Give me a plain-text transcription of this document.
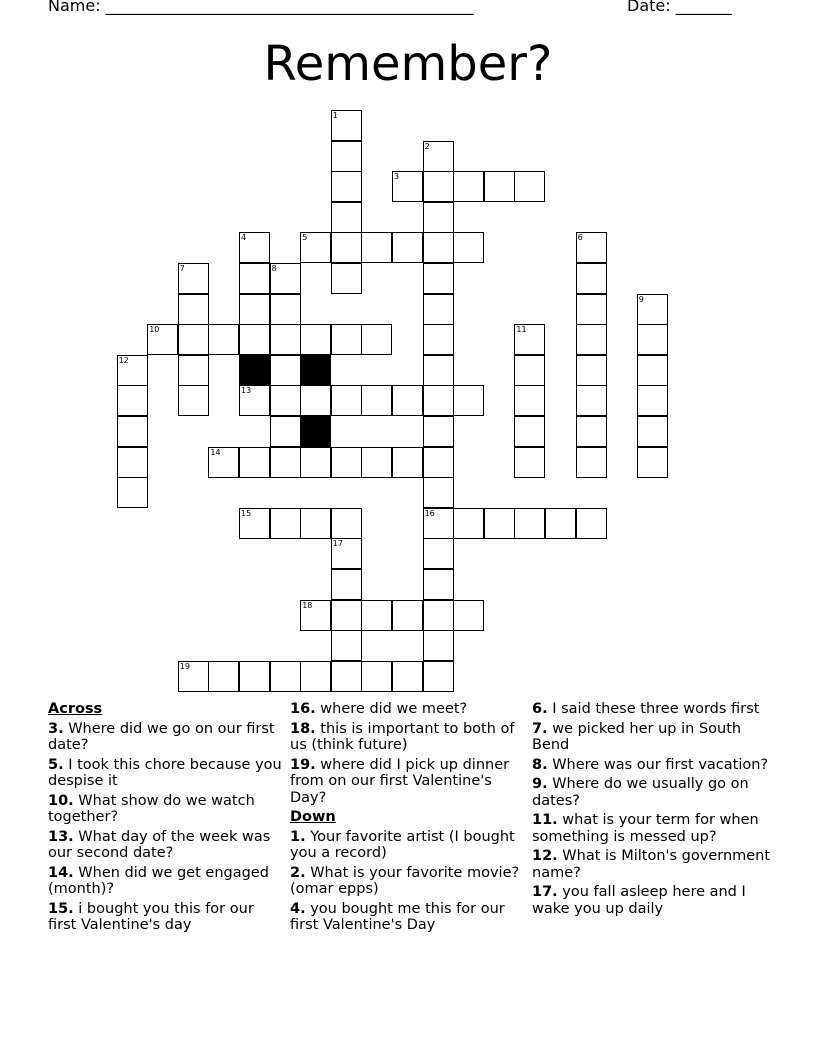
Name: ______________________________________________	Date: _______
Remember?
1
2
16
3
4	5	6
7	8
9
10	11
12
13
14
15
17
18
19
Across
3. Where did we go on our first date?
5. I took this chore because you despise it
10. What show do we watch together?
13. What day of the week was our second date?
14. When did we get engaged (month)?
15. i bought you this for our first Valentine's day
16. where did we meet?
18. this is important to both of us (think future)
19. where did I pick up dinner from on our first Valentine's Day?
Down
1. Your favorite artist (I bought you a record)
2. What is your favorite movie? (omar epps)
4. you bought me this for our first Valentine's Day
6. I said these three words first
7. we picked her up in South Bend
8. Where was our first vacation?
9. Where do we usually go on dates?
11. what is your term for when something is messed up?
12. What is Milton's government name?
17. you fall asleep here and I wake you up daily
